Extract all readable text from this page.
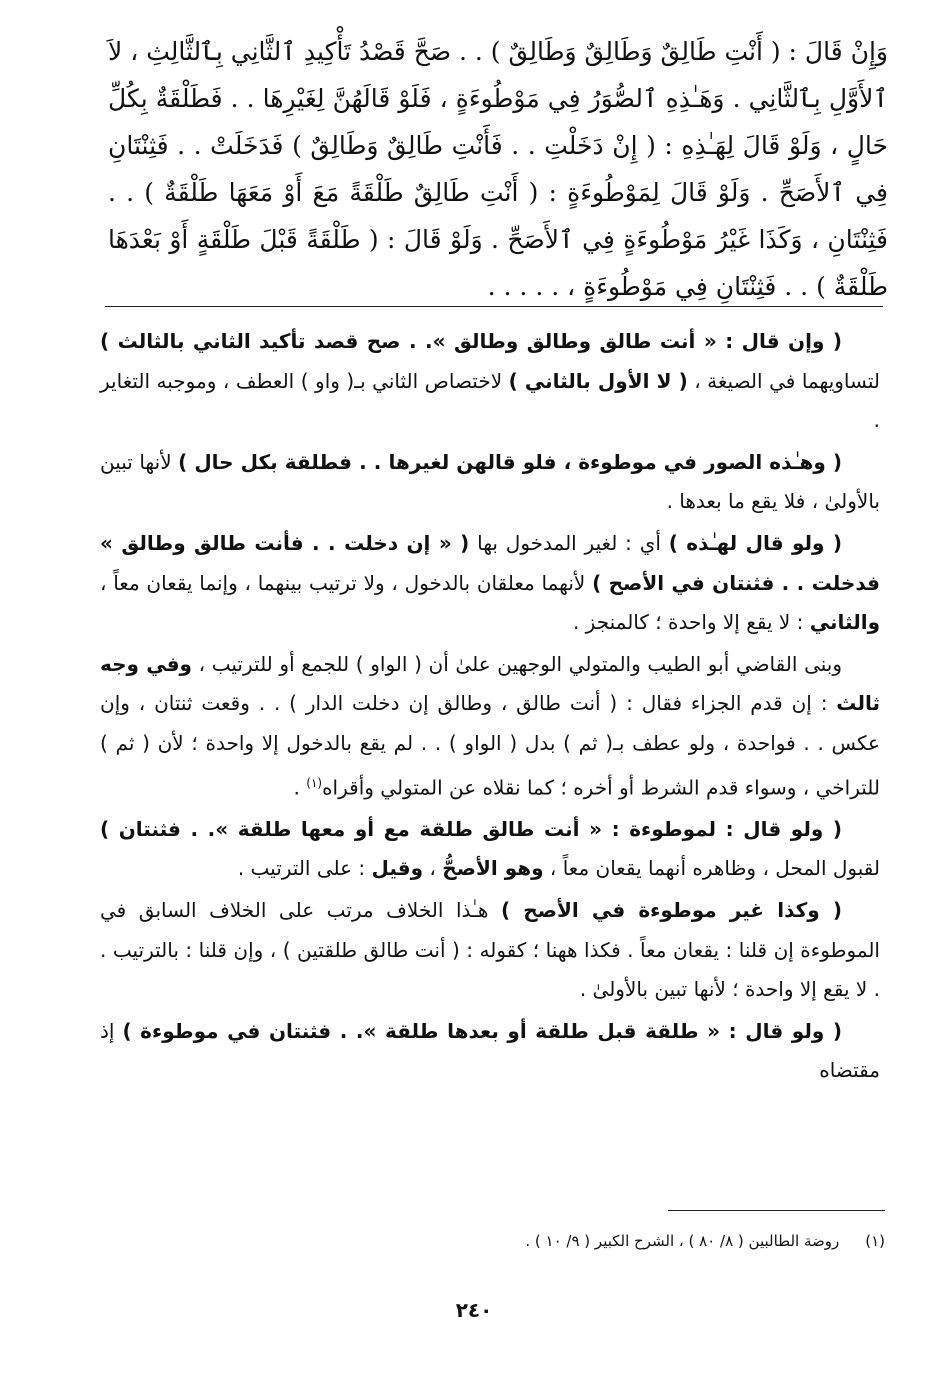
وَإِنْ قَالَ : ( أَنْتِ طَالِقٌ وَطَالِقٌ وَطَالِقٌ ) . . صَحَّ قَصْدُ تَأْكِيدِ ٱلثَّانِي بِٱلثَّالِثِ ، لاَ ٱلأَوَّلِ بِٱلثَّانِي . وَهَـٰذِهِ ٱلصُّوَرُ فِي مَوْطُوءَةٍ ، فَلَوْ قَالَهُنَّ لِغَيْرِهَا . . فَطَلْقَةٌ بِكُلِّ حَالٍ ، وَلَوْ قَالَ لِهَـٰذِهِ : ( إِنْ دَخَلْتِ . . فَأَنْتِ طَالِقٌ وَطَالِقٌ ) فَدَخَلَتْ . . فَثِنْتَانِ فِي ٱلأَصَحِّ . وَلَوْ قَالَ لِمَوْطُوءَةٍ : ( أَنْتِ طَالِقٌ طَلْقَةً مَعَ أَوْ مَعَهَا طَلْقَةٌ ) . . فَثِنْتَانِ ، وَكَذَا غَيْرُ مَوْطُوءَةٍ فِي ٱلأَصَحِّ . وَلَوْ قَالَ : ( طَلْقَةً قَبْلَ طَلْقَةٍ أَوْ بَعْدَهَا طَلْقَةٌ ) . . فَثِنْتَانِ فِي مَوْطُوءَةٍ ، . . . . .

( وإن قال : « أنت طالق وطالق وطالق ». . صح قصد تأكيد الثاني بالثالث ) لتساويهما في الصيغة ، ( لا الأول بالثاني ) لاختصاص الثاني بـ( واو ) العطف ، وموجبه التغاير .

( وهـٰذه الصور في موطوءة ، فلو قالهن لغيرها . . فطلقة بكل حال ) لأنها تبين بالأولىٰ ، فلا يقع ما بعدها .

( ولو قال لهـٰذه ) أي : لغير المدخول بها ( « إن دخلت . . فأنت طالق وطالق » فدخلت . . فثنتان في الأصح ) لأنهما معلقان بالدخول ، ولا ترتيب بينهما ، وإنما يقعان معاً ، والثاني : لا يقع إلا واحدة ؛ كالمنجز .

وبنى القاضي أبو الطيب والمتولي الوجهين علىٰ أن ( الواو ) للجمع أو للترتيب ، وفي وجه ثالث : إن قدم الجزاء فقال : ( أنت طالق ، وطالق إن دخلت الدار ) . . وقعت ثنتان ، وإن عكس . . فواحدة ، ولو عطف بـ( ثم ) بدل ( الواو ) . . لم يقع بالدخول إلا واحدة ؛ لأن ( ثم ) للتراخي ، وسواء قدم الشرط أو أخره ؛ كما نقلاه عن المتولي وأقراه$^{(١)}$ .

( ولو قال : لموطوءة : « أنت طالق طلقة مع أو معها طلقة ». . فثنتان ) لقبول المحل ، وظاهره أنهما يقعان معاً ، وهو الأصحُّ ، وقيل : على الترتيب .

( وكذا غير موطوءة في الأصح ) هـٰذا الخلاف مرتب على الخلاف السابق في الموطوءة إن قلنا : يقعان معاً . فكذا ههنا ؛ كقوله : ( أنت طالق طلقتين ) ، وإن قلنا : بالترتيب . . لا يقع إلا واحدة ؛ لأنها تبين بالأولىٰ .

( ولو قال : « طلقة قبل طلقة أو بعدها طلقة ». . فثنتان في موطوءة ) إذ مقتضاه

(١)روضة الطالبين ( ٨/ ٨٠ ) ، الشرح الكبير ( ٩/ ١٠ ) .

٢٤٠
